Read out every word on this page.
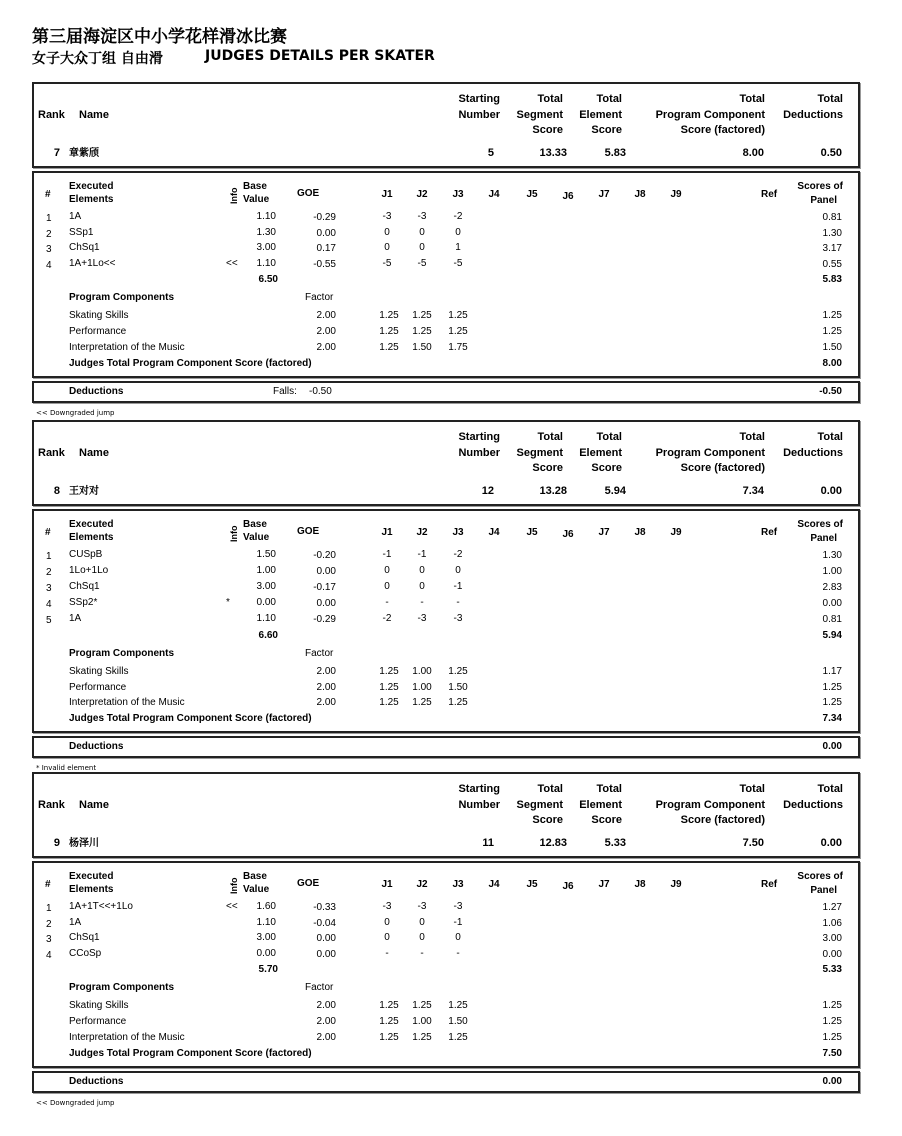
第三届海淀区中小学花样滑冰比赛
女子大众丁组 自由滑	JUDGES DETAILS PER SKATER
Rank Name
Starting
Number
Total
Segment
Score
Total
Element
Score
Total
Program Component
Score (factored)
Total
Deductions
7 章紫颀	5	13.33	5.83	8.00	0.50
#
Executed
Elements	Info
Base
Value
GOE	J1	J2	J3	J4	J5	J6	J7	J8	J9	Ref
Scores of
Panel
1 1A	1.10	-0.29	-3	-3	-2	0.81
2 SSp1	1.30	0.00	0	0	0	1.30
3 ChSq1	3.00	0.17	0	0	1	3.17
4 1A+1Lo<<	<< 1.10	-0.55	-5	-5	-5	0.55
6.50	5.83
Program Components	Factor
Skating Skills	2.00	1.25	1.25	1.25	1.25
Performance	2.00	1.25	1.25	1.25	1.25
Interpretation of the Music	2.00	1.25	1.50	1.75	1.50
Judges Total Program Component Score (factored)	8.00
Deductions	Falls: -0.50	-0.50
<< Downgraded jump
Rank Name
Starting
Number
Total
Segment
Score
Total
Element
Score
Total
Program Component
Score (factored)
Total
Deductions
8 王对对	12	13.28	5.94	7.34	0.00
#
Executed
Elements	Info
Base
Value
GOE	J1	J2	J3	J4	J5	J6	J7	J8	J9	Ref
Scores of
Panel
1 CUSpB	1.50	-0.20	-1	-1	-2	1.30
2 1Lo+1Lo	1.00	0.00	0	0	0	1.00
3 ChSq1	3.00	-0.17	0	0	-1	2.83
4 SSp2*	*	0.00	0.00	-	-	-	0.00
5 1A	1.10	-0.29	-2	-3	-3	0.81
6.60	5.94
Program Components	Factor
Skating Skills	2.00	1.25	1.00	1.25	1.17
Performance	2.00	1.25	1.00	1.50	1.25
Interpretation of the Music	2.00	1.25	1.25	1.25	1.25
Judges Total Program Component Score (factored)	7.34
Deductions	0.00
* Invalid element
Rank Name
Starting
Number
Total
Segment
Score
Total
Element
Score
Total
Program Component
Score (factored)
Total
Deductions
9 杨泽川	11	12.83	5.33	7.50	0.00
#
Executed
Elements	Info
Base
Value
GOE	J1	J2	J3	J4	J5	J6	J7	J8	J9	Ref
Scores of
Panel
1 1A+1T<<+1Lo	<< 1.60	-0.33	-3	-3	-3	1.27
2 1A	1.10	-0.04	0	0	-1	1.06
3 ChSq1	3.00	0.00	0	0	0	3.00
4 CCoSp	0.00	0.00	-	-	-	0.00
5.70	5.33
Program Components	Factor
Skating Skills	2.00	1.25	1.25	1.25	1.25
Performance	2.00	1.25	1.00	1.50	1.25
Interpretation of the Music	2.00	1.25	1.25	1.25	1.25
Judges Total Program Component Score (factored)	7.50
Deductions	0.00
<< Downgraded jump
